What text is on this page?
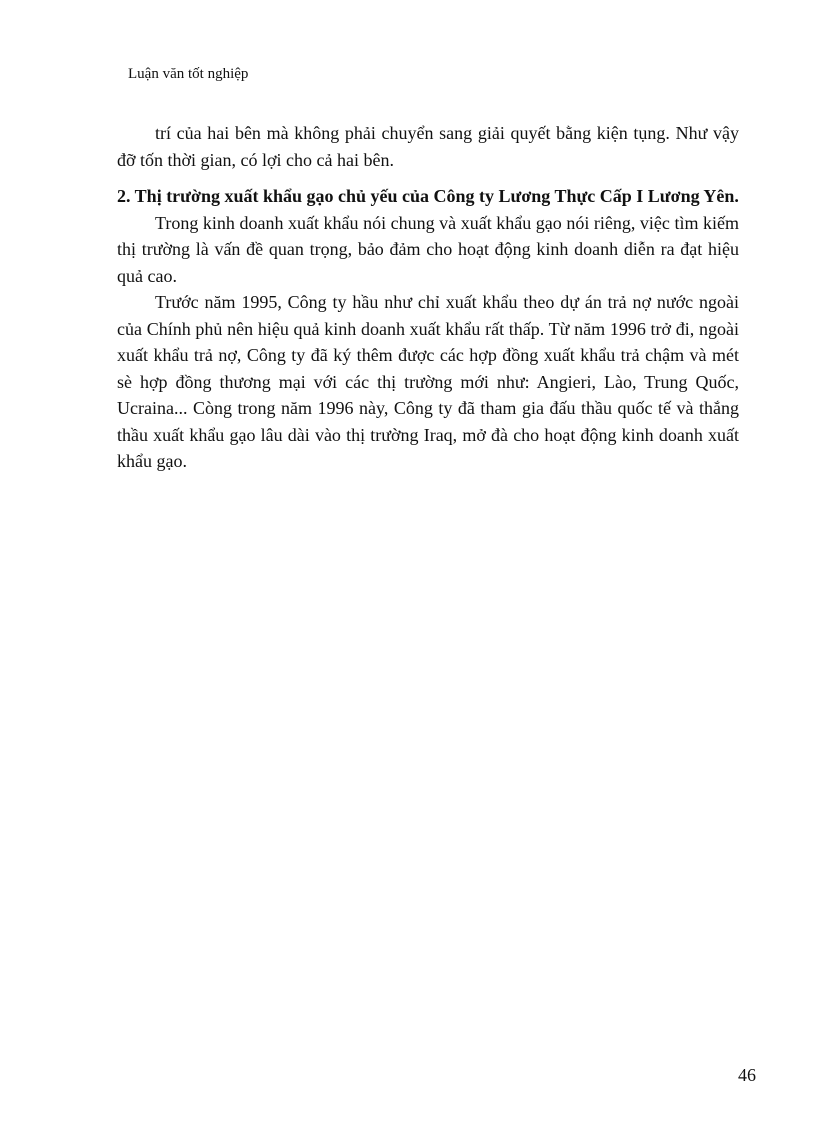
Luận văn tốt nghiệp

trí của hai bên mà không phải chuyển sang giải quyết bằng kiện tụng. Như vậy đỡ tốn thời gian, có lợi cho cả hai bên.

2. Thị trường xuất khẩu gạo chủ yếu của Công ty Lương Thực Cấp I Lương Yên.

Trong kinh doanh xuất khẩu nói chung và xuất khẩu gạo nói riêng, việc tìm kiếm thị trường là vấn đề quan trọng, bảo đảm cho hoạt động kinh doanh diễn ra đạt hiệu quả cao.

Trước năm 1995, Công ty hầu như chỉ xuất khẩu theo dự án trả nợ nước ngoài của Chính phủ nên hiệu quả kinh doanh xuất khẩu rất thấp. Từ năm 1996 trở đi, ngoài xuất khẩu trả nợ, Công ty đã ký thêm được các hợp đồng xuất khẩu trả chậm và mét sè hợp đồng thương mại với các thị trường mới như: Angieri, Lào, Trung Quốc, Ucraina... Còng trong năm 1996 này, Công ty đã tham gia đấu thầu quốc tế và thắng thầu xuất khẩu gạo lâu dài vào thị trường Iraq, mở đà cho hoạt động kinh doanh xuất khẩu gạo.

46
